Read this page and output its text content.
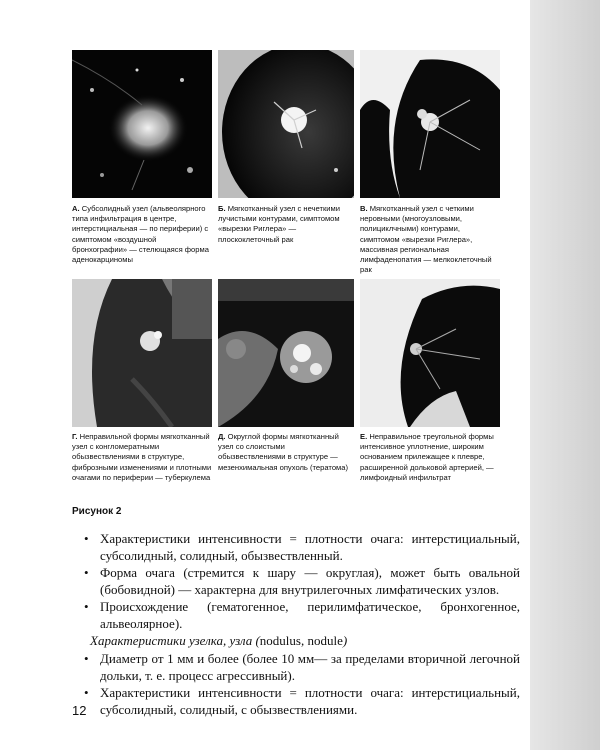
А. Субсолидный узел (альвеолярного типа инфильтрация в центре, интерстициальная — по периферии) с симптомом «воздушной бронхографии» — стелющаяся форма аденокарциномы
Б. Мягкотканный узел с нечеткими лучистыми контурами, симптомом «вырезки Риглера» — плоскоклеточный рак
В. Мягкотканный узел с четкими неровными (многоузловыми, полициклчными) контурами, симптомом «вырезки Риглера», массивная региональная лимфаденопатия — мелкоклеточный рак
Г. Неправильной формы мягкотканный узел с конгломератными обызвествлениями в структуре, фиброзными изменениями и плотными очагами по периферии — туберкулема
Д. Округлой формы мягкотканный узел со слоистыми обызвествлениями в структуре — мезенхимальная опухоль (тератома)
Е. Неправильное треугольной формы интенсивное уплотнение, широким основанием прилежащее к плевре, расширенной дольковой артерией, — лимфоидный инфильтрат
Рисунок 2
• Характеристики интенсивности = плотности очага: интерстициальный, субсолидный, солидный, обызвествленный.
• Форма очага (стремится к шару — округлая), может быть овальной (бобовидной) — характерна для внутрилегочных лимфатических узлов.
• Происхождение (гематогенное, перилимфатическое, бронхогенное, альвеолярное).
Характеристики узелка, узла (nodulus, nodule)
• Диаметр от 1 мм и более (более 10 мм— за пределами вторичной легочной дольки, т. е. процесс агрессивный).
• Характеристики интенсивности = плотности очага: интерстициальный, субсолидный, солидный, с обызвествлениями.
12
